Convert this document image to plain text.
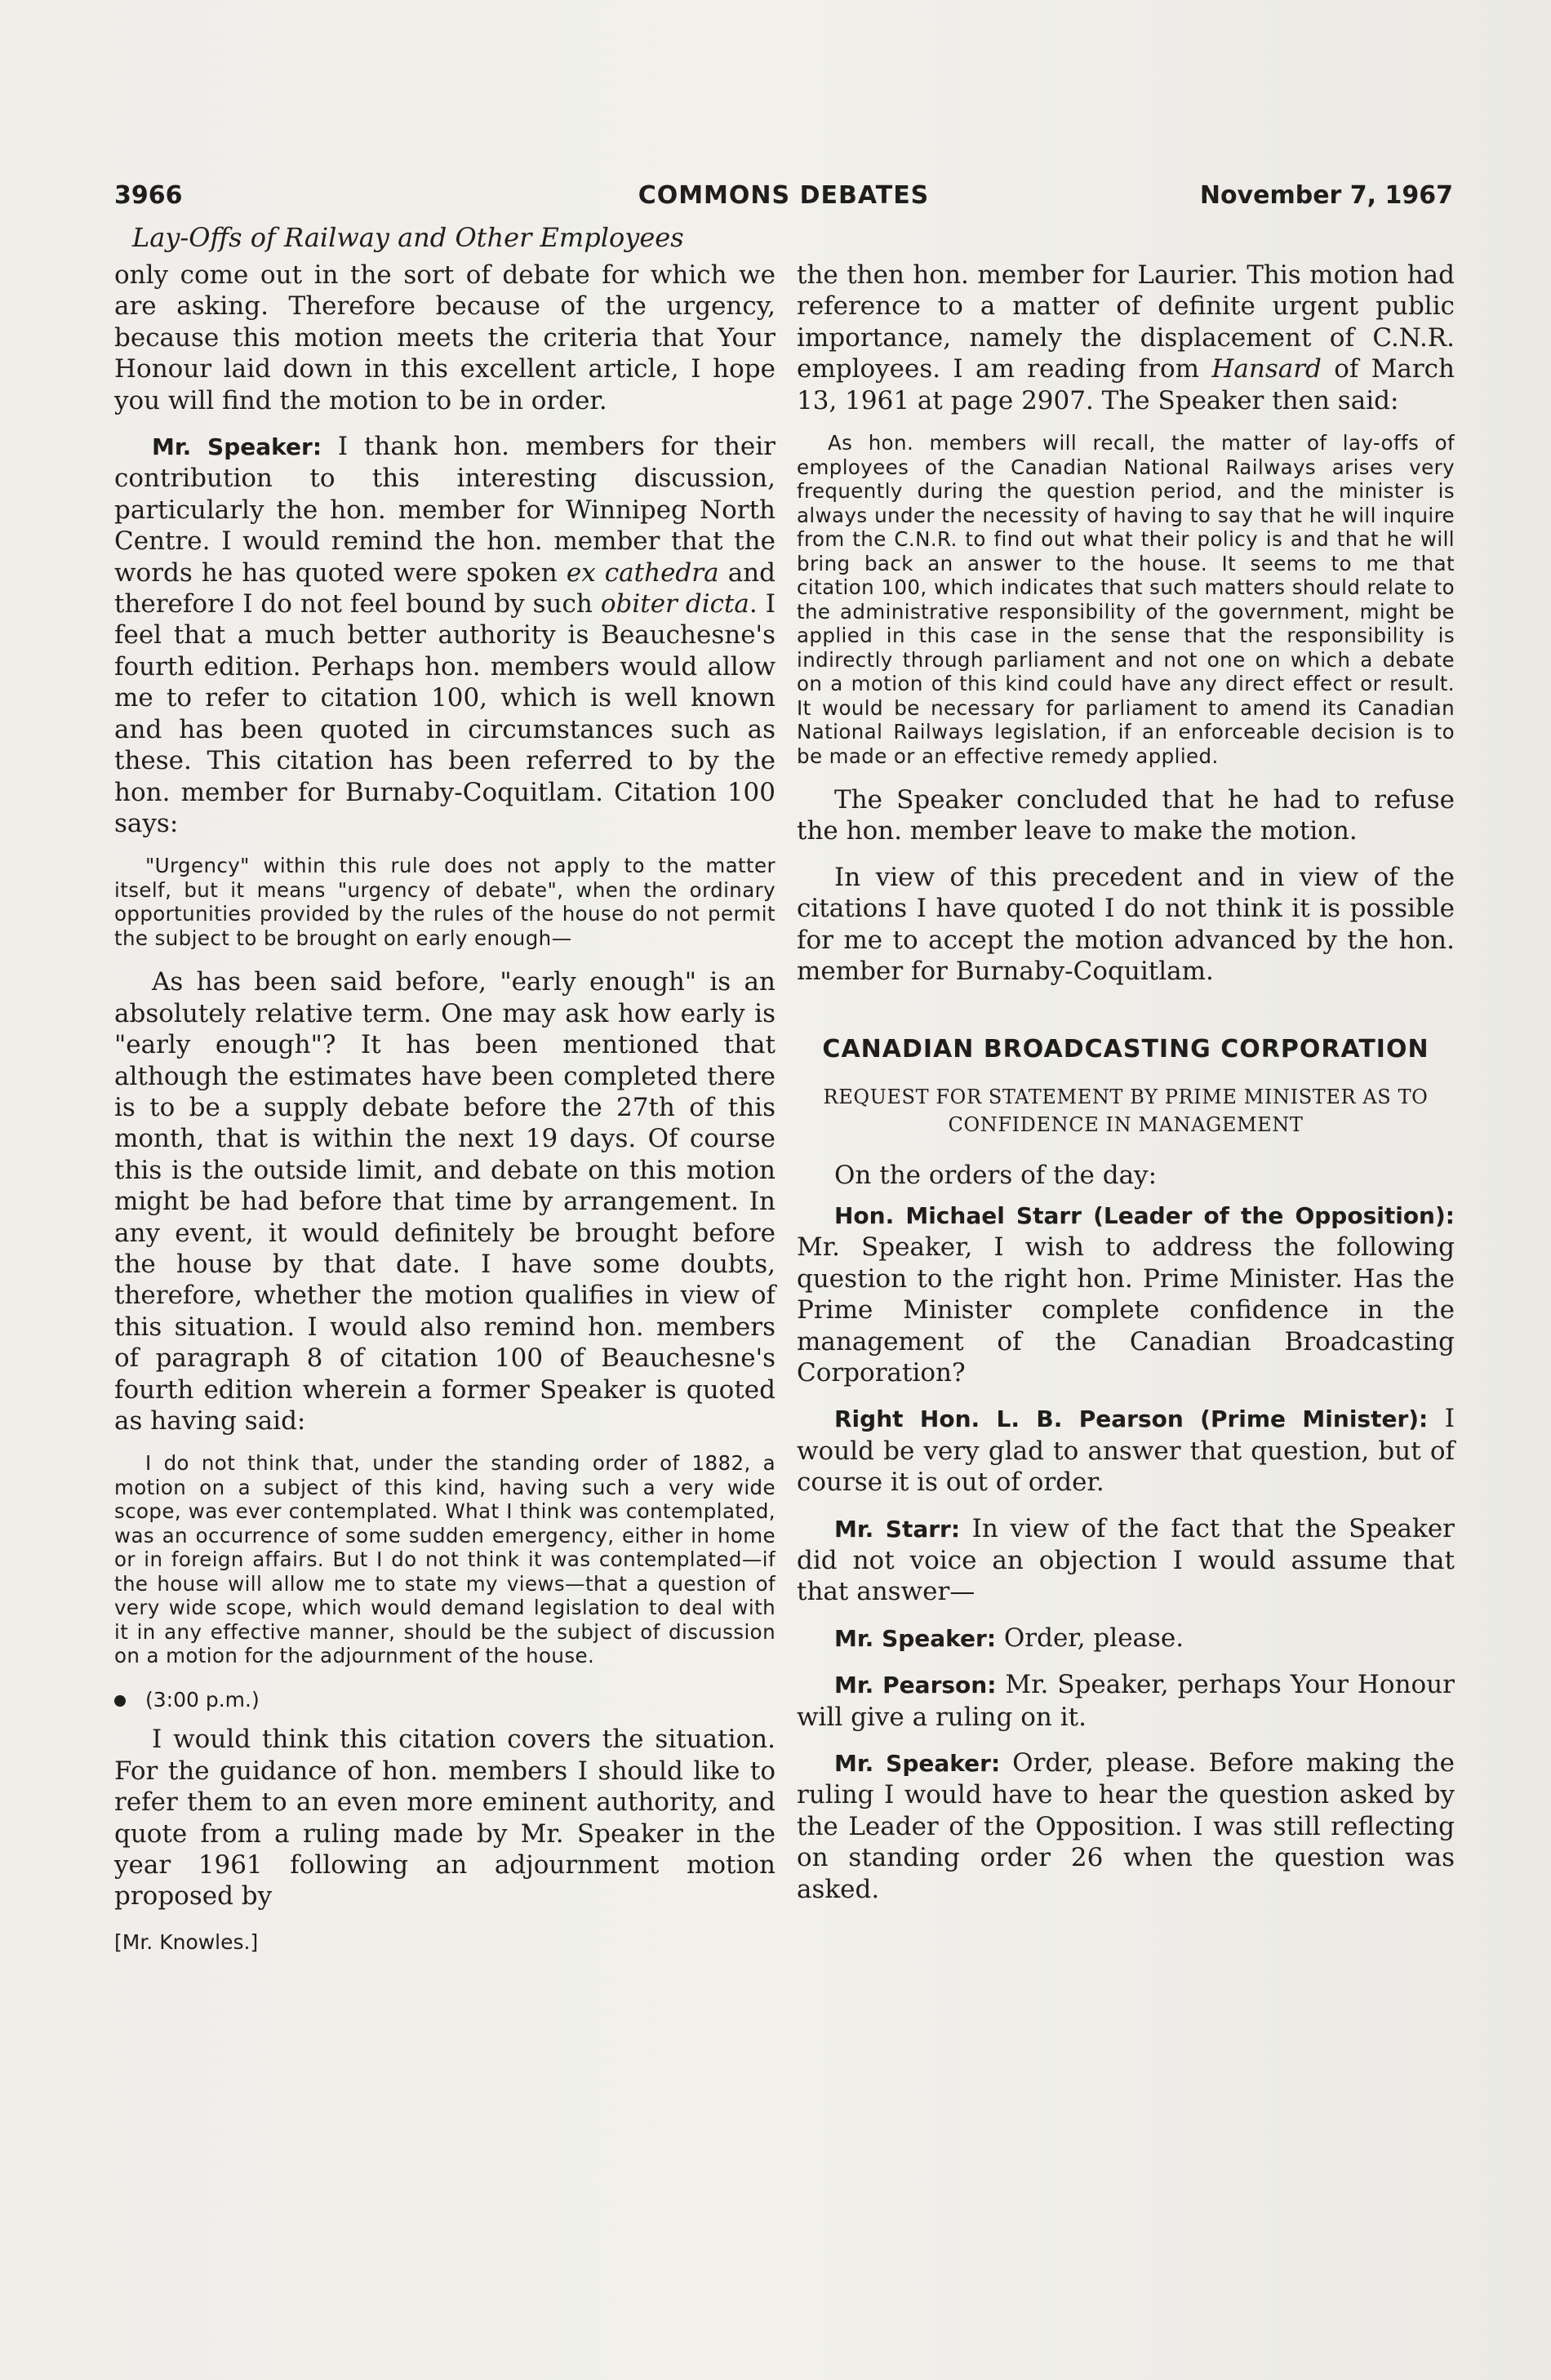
3966	COMMONS DEBATES	November 7, 1967
Lay-Offs of Railway and Other Employees

only come out in the sort of debate for which we are asking. Therefore because of the urgency, because this motion meets the criteria that Your Honour laid down in this excellent article, I hope you will find the motion to be in order.

Mr. Speaker: I thank hon. members for their contribution to this interesting discussion, particularly the hon. member for Winnipeg North Centre. I would remind the hon. member that the words he has quoted were spoken ex cathedra and therefore I do not feel bound by such obiter dicta. I feel that a much better authority is Beauchesne's fourth edition. Perhaps hon. members would allow me to refer to citation 100, which is well known and has been quoted in circumstances such as these. This citation has been referred to by the hon. member for Burnaby-Coquitlam. Citation 100 says:

"Urgency" within this rule does not apply to the matter itself, but it means "urgency of debate", when the ordinary opportunities provided by the rules of the house do not permit the subject to be brought on early enough—

As has been said before, "early enough" is an absolutely relative term. One may ask how early is "early enough"? It has been mentioned that although the estimates have been completed there is to be a supply debate before the 27th of this month, that is within the next 19 days. Of course this is the outside limit, and debate on this motion might be had before that time by arrangement. In any event, it would definitely be brought before the house by that date. I have some doubts, therefore, whether the motion qualifies in view of this situation. I would also remind hon. members of paragraph 8 of citation 100 of Beauchesne's fourth edition wherein a former Speaker is quoted as having said:

I do not think that, under the standing order of 1882, a motion on a subject of this kind, having such a very wide scope, was ever contemplated. What I think was contemplated, was an occurrence of some sudden emergency, either in home or in foreign affairs. But I do not think it was contemplated—if the house will allow me to state my views—that a question of very wide scope, which would demand legislation to deal with it in any effective manner, should be the subject of discussion on a motion for the adjournment of the house.

(3:00 p.m.)

I would think this citation covers the situation. For the guidance of hon. members I should like to refer them to an even more eminent authority, and quote from a ruling made by Mr. Speaker in the year 1961 following an adjournment motion proposed by

[Mr. Knowles.]

the then hon. member for Laurier. This motion had reference to a matter of definite urgent public importance, namely the displacement of C.N.R. employees. I am reading from Hansard of March 13, 1961 at page 2907. The Speaker then said:

As hon. members will recall, the matter of lay-offs of employees of the Canadian National Railways arises very frequently during the question period, and the minister is always under the necessity of having to say that he will inquire from the C.N.R. to find out what their policy is and that he will bring back an answer to the house. It seems to me that citation 100, which indicates that such matters should relate to the administrative responsibility of the government, might be applied in this case in the sense that the responsibility is indirectly through parliament and not one on which a debate on a motion of this kind could have any direct effect or result. It would be necessary for parliament to amend its Canadian National Railways legislation, if an enforceable decision is to be made or an effective remedy applied.

The Speaker concluded that he had to refuse the hon. member leave to make the motion.

In view of this precedent and in view of the citations I have quoted I do not think it is possible for me to accept the motion advanced by the hon. member for Burnaby-Coquitlam.

CANADIAN BROADCASTING CORPORATION
REQUEST FOR STATEMENT BY PRIME MINISTER AS TO CONFIDENCE IN MANAGEMENT

On the orders of the day:

Hon. Michael Starr (Leader of the Opposition): Mr. Speaker, I wish to address the following question to the right hon. Prime Minister. Has the Prime Minister complete confidence in the management of the Canadian Broadcasting Corporation?

Right Hon. L. B. Pearson (Prime Minister): I would be very glad to answer that question, but of course it is out of order.

Mr. Starr: In view of the fact that the Speaker did not voice an objection I would assume that that answer—

Mr. Speaker: Order, please.

Mr. Pearson: Mr. Speaker, perhaps Your Honour will give a ruling on it.

Mr. Speaker: Order, please. Before making the ruling I would have to hear the question asked by the Leader of the Opposition. I was still reflecting on standing order 26 when the question was asked.
